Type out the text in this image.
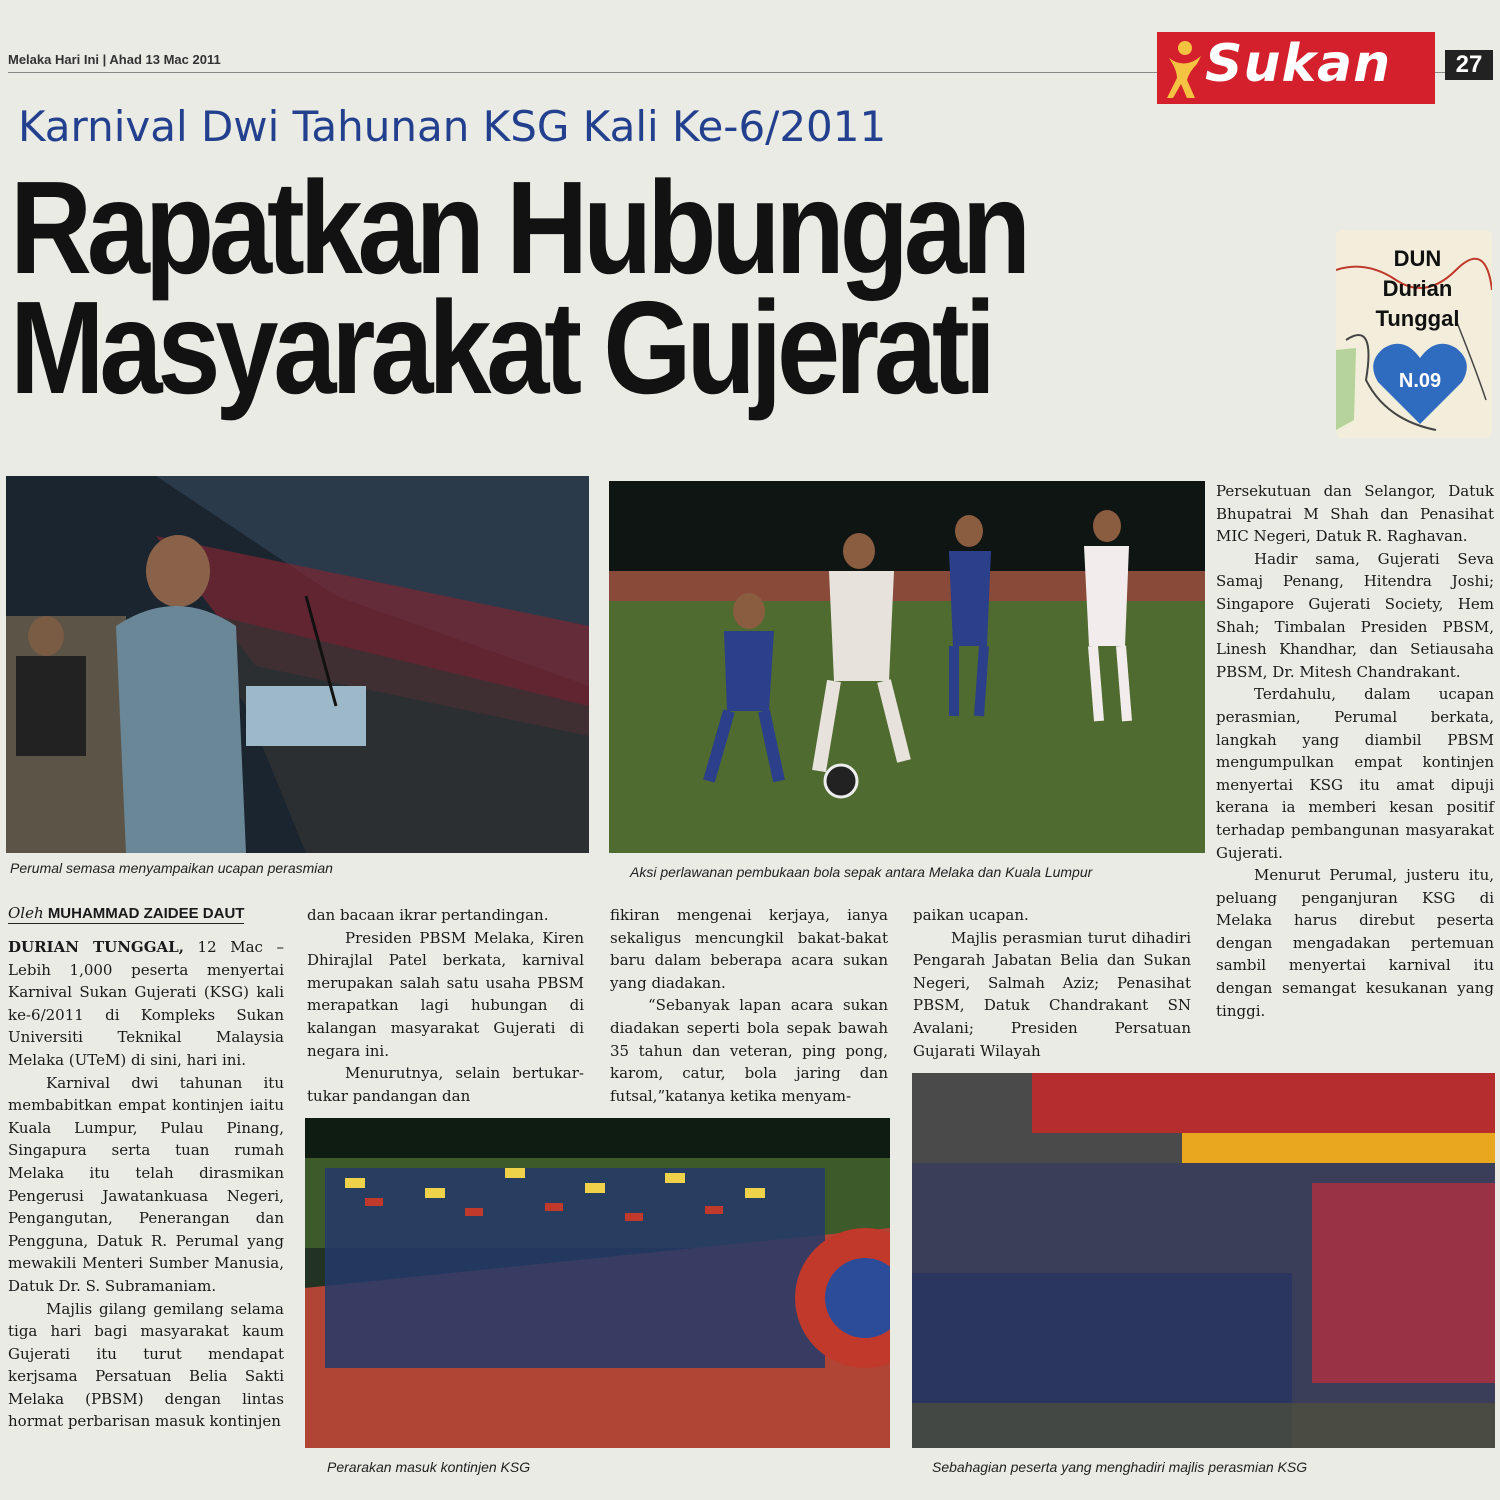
Melaka Hari Ini | Ahad 13 Mac 2011	Sukan	27
Karnival Dwi Tahunan KSG Kali Ke-6/2011
Rapatkan Hubungan
Masyarakat Gujerati
DUN
Durian
Tunggal
N.09
Perumal semasa menyampaikan ucapan perasmian	Aksi perlawanan pembukaan bola sepak antara Melaka dan Kuala Lumpur
Perarakan masuk kontinjen KSG	Sebahagian peserta yang menghadiri majlis perasmian KSG
Oleh MUHAMMAD ZAIDEE DAUT

DURIAN TUNGGAL, 12 Mac – Lebih 1,000 peserta menyertai Karnival Sukan Gujerati (KSG) kali ke-6/2011 di Kompleks Sukan Universiti Teknikal Malaysia Melaka (UTeM) di sini, hari ini.

Karnival dwi tahunan itu membabitkan empat kontinjen iaitu Kuala Lumpur, Pulau Pinang, Singapura serta tuan rumah Melaka itu telah dirasmikan Pengerusi Jawatankuasa Negeri, Pengangutan, Penerangan dan Pengguna, Datuk R. Perumal yang mewakili Menteri Sumber Manusia, Datuk Dr. S. Subramaniam.

Majlis gilang gemilang selama tiga hari bagi masyarakat kaum Gujerati itu turut mendapat kerjsama Persatuan Belia Sakti Melaka (PBSM) dengan lintas hormat perbarisan masuk kontinjen

dan bacaan ikrar pertandingan.

Presiden PBSM Melaka, Kiren Dhirajlal Patel berkata, karnival merupakan salah satu usaha PBSM merapatkan lagi hubungan di kalangan masyarakat Gujerati di negara ini.

Menurutnya, selain bertukar-tukar pandangan dan

fikiran mengenai kerjaya, ianya sekaligus mencungkil bakat-bakat baru dalam beberapa acara sukan yang diadakan.

“Sebanyak lapan acara sukan diadakan seperti bola sepak bawah 35 tahun dan veteran, ping pong, karom, catur, bola jaring dan futsal,”katanya ketika menyam-

paikan ucapan.

Majlis perasmian turut dihadiri Pengarah Jabatan Belia dan Sukan Negeri, Salmah Aziz; Penasihat PBSM, Datuk Chandrakant SN Avalani; Presiden Persatuan Gujarati Wilayah

Persekutuan dan Selangor, Datuk Bhupatrai M Shah dan Penasihat MIC Negeri, Datuk R. Raghavan.

Hadir sama, Gujerati Seva Samaj Penang, Hitendra Joshi; Singapore Gujerati Society, Hem Shah; Timbalan Presiden PBSM, Linesh Khandhar, dan Setiausaha PBSM, Dr. Mitesh Chandrakant.

Terdahulu, dalam ucapan perasmian, Perumal berkata, langkah yang diambil PBSM mengumpulkan empat kontinjen menyertai KSG itu amat dipuji kerana ia memberi kesan positif terhadap pembangunan masyarakat Gujerati.

Menurut Perumal, justeru itu, peluang penganjuran KSG di Melaka harus direbut peserta dengan mengadakan pertemuan sambil menyertai karnival itu dengan semangat kesukanan yang tinggi.
